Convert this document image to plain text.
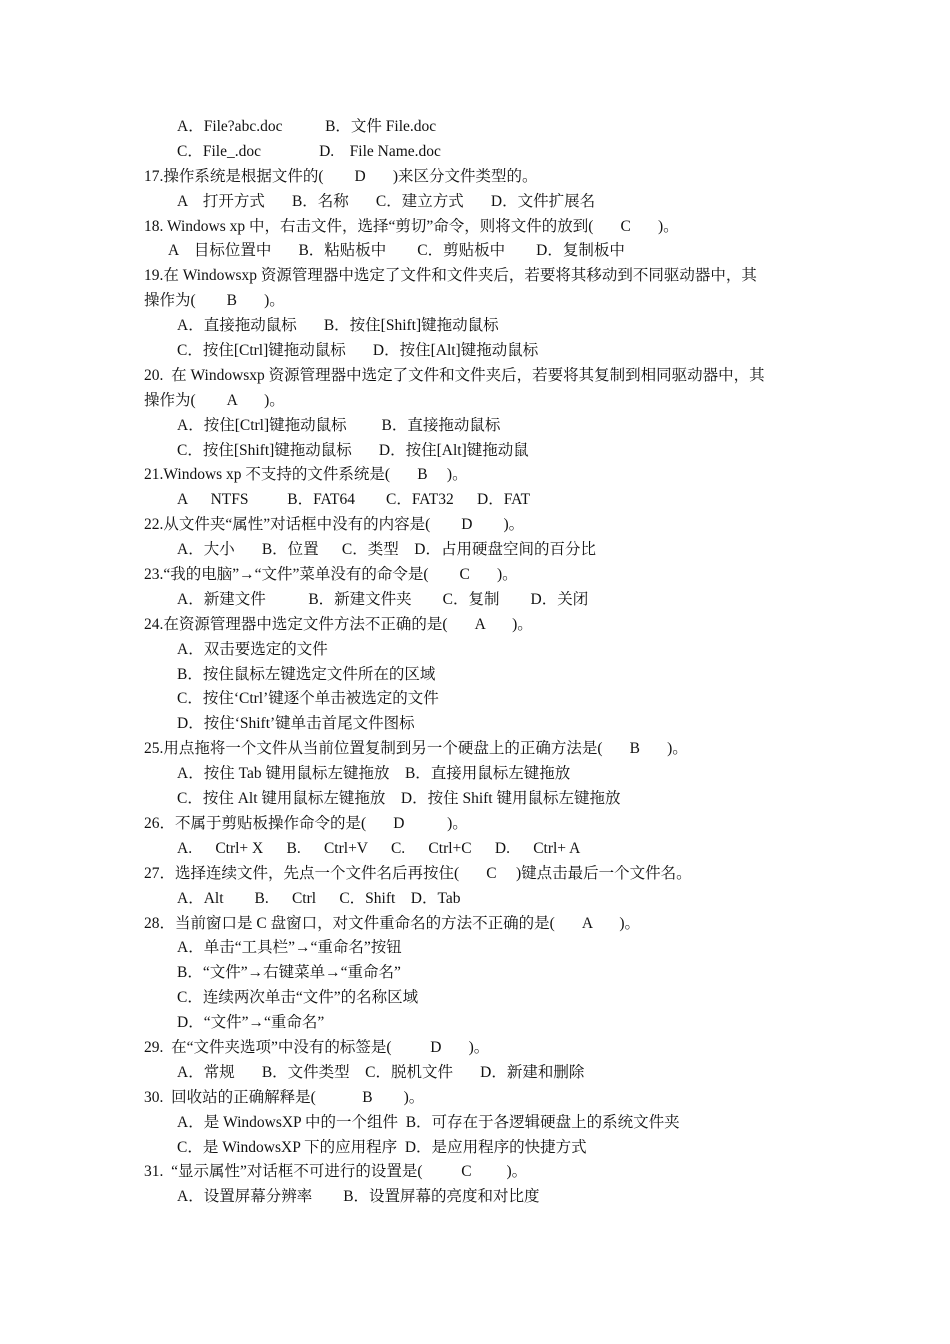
A．File?abc.doc           B．文件 File.doc
C．File_.doc               D.    File Name.doc
17.操作系统是根据文件的(        D       )来区分文件类型的。
A    打开方式       B．名称       C．建立方式       D．文件扩展名
18. Windows xp 中，右击文件，选择“剪切”命令，则将文件的放到(       C       )。
A    目标位置中       B．粘贴板中        C．剪贴板中        D．复制板中
19.在 Windowsxp 资源管理器中选定了文件和文件夹后，若要将其移动到不同驱动器中，其
操作为(        B       )。
A．直接拖动鼠标       B．按住[Shift]键拖动鼠标
C．按住[Ctrl]键拖动鼠标       D．按住[Alt]键拖动鼠标
20.  在 Windowsxp 资源管理器中选定了文件和文件夹后，若要将其复制到相同驱动器中，其
操作为(        A       )。
A．按住[Ctrl]键拖动鼠标         B．直接拖动鼠标
C．按住[Shift]键拖动鼠标       D．按住[Alt]键拖动鼠
21.Windows xp 不支持的文件系统是(       B     )。
A      NTFS          B．FAT64        C．FAT32      D．FAT
22.从文件夹“属性”对话框中没有的内容是(        D        )。
A．大小       B．位置      C．类型    D．占用硬盘空间的百分比
23.“我的电脑”→“文件”菜单没有的命令是(        C       )。
A．新建文件           B．新建文件夹        C．复制        D．关闭
24.在资源管理器中选定文件方法不正确的是(       A       )。
A．双击要选定的文件
B．按住鼠标左键选定文件所在的区域
C．按住‘Ctrl’键逐个单击被选定的文件
D．按住‘Shift’键单击首尾文件图标
25.用点拖将一个文件从当前位置复制到另一个硬盘上的正确方法是(       B       )。
A．按住 Tab 键用鼠标左键拖放    B．直接用鼠标左键拖放
C．按住 Alt 键用鼠标左键拖放    D．按住 Shift 键用鼠标左键拖放
26．不属于剪贴板操作命令的是(       D           )。
A.      Ctrl+ X      B.      Ctrl+V      C.      Ctrl+C      D.      Ctrl+ A
27．选择连续文件，先点一个文件名后再按住(       C     )键点击最后一个文件名。
A．Alt        B.      Ctrl      C．Shift    D．Tab
28．当前窗口是 C 盘窗口，对文件重命名的方法不正确的是(       A       )。
A．单击“工具栏”→“重命名”按钮
B．“文件”→右键菜单→“重命名”
C．连续两次单击“文件”的名称区域
D．“文件”→“重命名”
29.  在“文件夹选项”中没有的标签是(          D       )。
A．常规       B．文件类型    C．脱机文件       D．新建和删除
30.  回收站的正确解释是(            B        )。
A．是 WindowsXP 中的一个组件  B．可存在于各逻辑硬盘上的系统文件夹
C．是 WindowsXP 下的应用程序  D．是应用程序的快捷方式
31.  “显示属性”对话框不可进行的设置是(          C         )。
A．设置屏幕分辨率        B．设置屏幕的亮度和对比度
